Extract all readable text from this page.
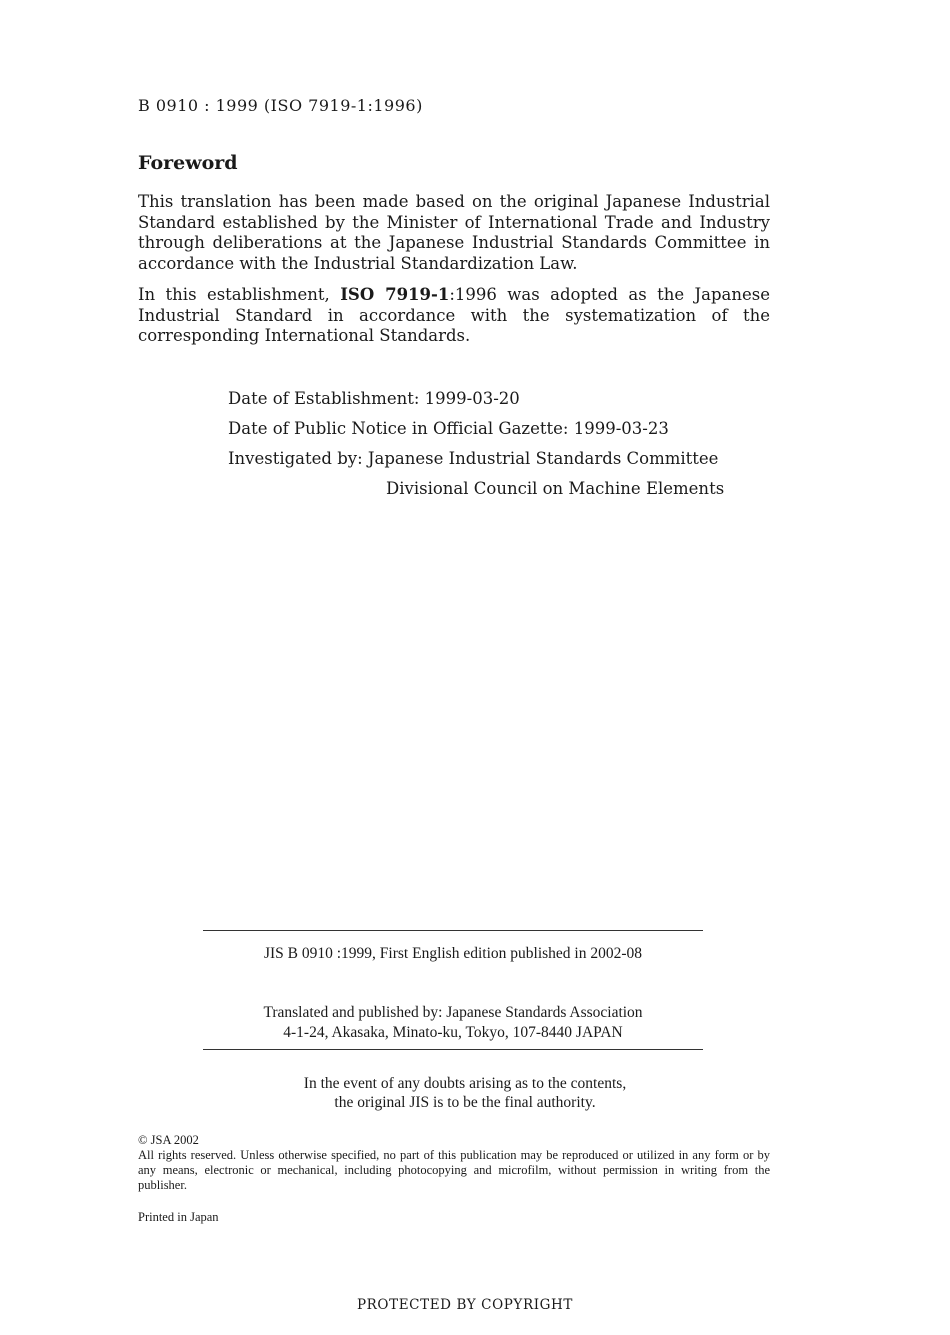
B 0910 : 1999 (ISO 7919-1:1996)
Foreword

This translation has been made based on the original Japanese Industrial Standard established by the Minister of International Trade and Industry through deliberations at the Japanese Industrial Standards Committee in accordance with the Industrial Standardization Law.

In this establishment, ISO 7919-1:1996 was adopted as the Japanese Industrial Standard in accordance with the systematization of the corresponding International Standards.

Date of Establishment: 1999-03-20
Date of Public Notice in Official Gazette: 1999-03-23
Investigated by: Japanese Industrial Standards Committee
Divisional Council on Machine Elements
JIS B 0910 :1999, First English edition published in 2002-08
Translated and published by: Japanese Standards Association
4-1-24, Akasaka, Minato-ku, Tokyo, 107-8440 JAPAN
In the event of any doubts arising as to the contents,
the original JIS is to be the final authority.
© JSA 2002
All rights reserved. Unless otherwise specified, no part of this publication may be reproduced or utilized in any form or by any means, electronic or mechanical, including photocopying and microfilm, without permission in writing from the publisher.
Printed in Japan
PROTECTED BY COPYRIGHT
